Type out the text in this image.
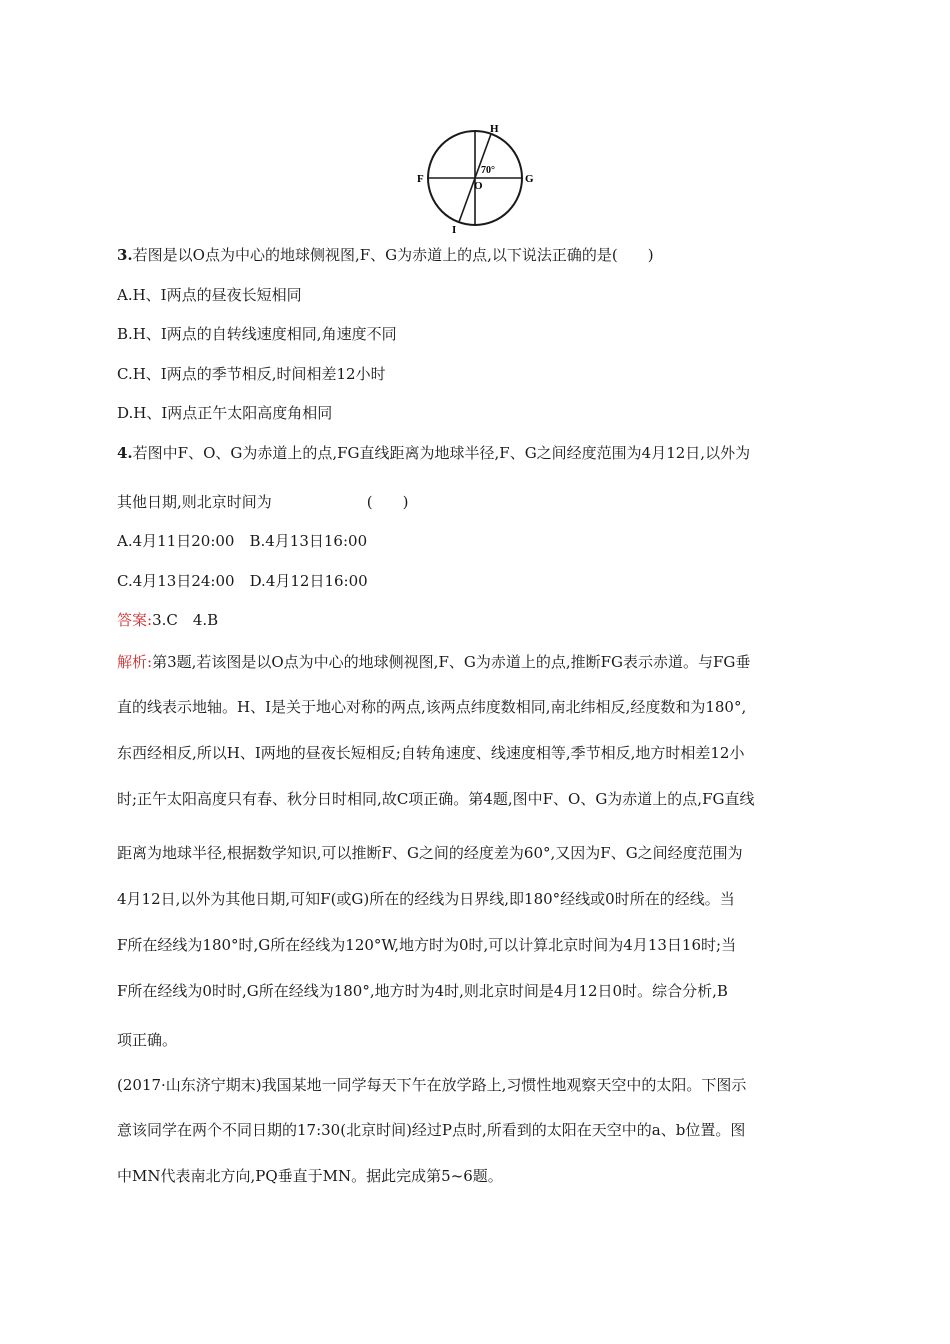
H
G
F
I
O
70°
3.若图是以O点为中心的地球侧视图,F、G为赤道上的点,以下说法正确的是(　　)
A.H、I两点的昼夜长短相同
B.H、I两点的自转线速度相同,角速度不同
C.H、I两点的季节相反,时间相差12小时
D.H、I两点正午太阳高度角相同
4.若图中F、O、G为赤道上的点,FG直线距离为地球半径,F、G之间经度范围为4月12日,以外为
其他日期,则北京时间为	(　　)
A.4月11日20:00　B.4月13日16:00
C.4月13日24:00　D.4月12日16:00
答案:3.C　4.B
解析:第3题,若该图是以O点为中心的地球侧视图,F、G为赤道上的点,推断FG表示赤道。与FG垂
直的线表示地轴。H、I是关于地心对称的两点,该两点纬度数相同,南北纬相反,经度数和为180°,
东西经相反,所以H、I两地的昼夜长短相反;自转角速度、线速度相等,季节相反,地方时相差12小
时;正午太阳高度只有春、秋分日时相同,故C项正确。第4题,图中F、O、G为赤道上的点,FG直线
距离为地球半径,根据数学知识,可以推断F、G之间的经度差为60°,又因为F、G之间经度范围为
4月12日,以外为其他日期,可知F(或G)所在的经线为日界线,即180°经线或0时所在的经线。当
F所在经线为180°时,G所在经线为120°W,地方时为0时,可以计算北京时间为4月13日16时;当
F所在经线为0时时,G所在经线为180°,地方时为4时,则北京时间是4月12日0时。综合分析,B
项正确。
(2017·山东济宁期末)我国某地一同学每天下午在放学路上,习惯性地观察天空中的太阳。下图示
意该同学在两个不同日期的17:30(北京时间)经过P点时,所看到的太阳在天空中的a、b位置。图
中MN代表南北方向,PQ垂直于MN。据此完成第5~6题。
